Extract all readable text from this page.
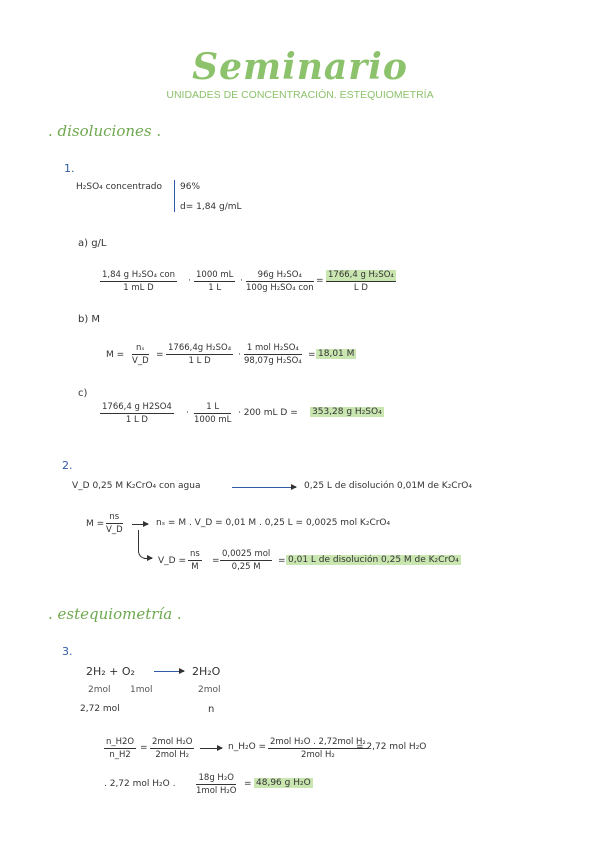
Seminario
UNIDADES DE CONCENTRACIÓN. ESTEQUIOMETRÍA
. disoluciones .
1.
H₂SO₄ concentrado 96%
d= 1,84 g/mL
a) g/L
1,84 g H₂SO₄ con
1 mL D
· $\frac{1000 mL}{1 L}$ ·
96g H₂SO₄
100g H₂SO₄ con
= $\frac{\text{1766,4 g H₂SO₄}}{\text{L D}}$
b) M
$M = \frac{\text{nₛ}}{V\_D} = \frac{\text{1766,4g H₂SO₄}}{\text{1 L D}}$ ·
1 mol H₂SO₄
98,07g H₂SO₄
= 18,01 M
c)
$\frac{\text{1766,4 g H2SO4}}{\text{1 L D}} \cdot \frac{1 L}{1000 mL} \cdot 200$ mL D = 353,28 g H₂SO₄
2.
V_D 0,25 M K₂CrO₄ con agua	0,25 L de disolución 0,01M de K₂CrO₄
$M = \frac{ns}{V\_D}$	nₛ = M . V_D = 0,01 M . 0,25 L = 0,0025 mol K₂CrO₄
V_D = $\frac{ns}{M}$ =
0,0025 mol
0,25 M
= 0,01 L de disolución 0,25 M de K₂CrO₄
. estequiometría .
3.
2H₂ + O₂	2H₂O
2mol 1mol	2mol
2,72 mol	n
$\frac{n\_H2O}{n\_H2}$ =
2mol H₂O
2mol H₂
n_H₂O = 2mol H₂O . 2,72mol H₂
2mol H₂
= 2,72 mol H₂O
. 2,72 mol H₂O .
18g H₂O
1mol H₂O
= 48,96 g H₂O
